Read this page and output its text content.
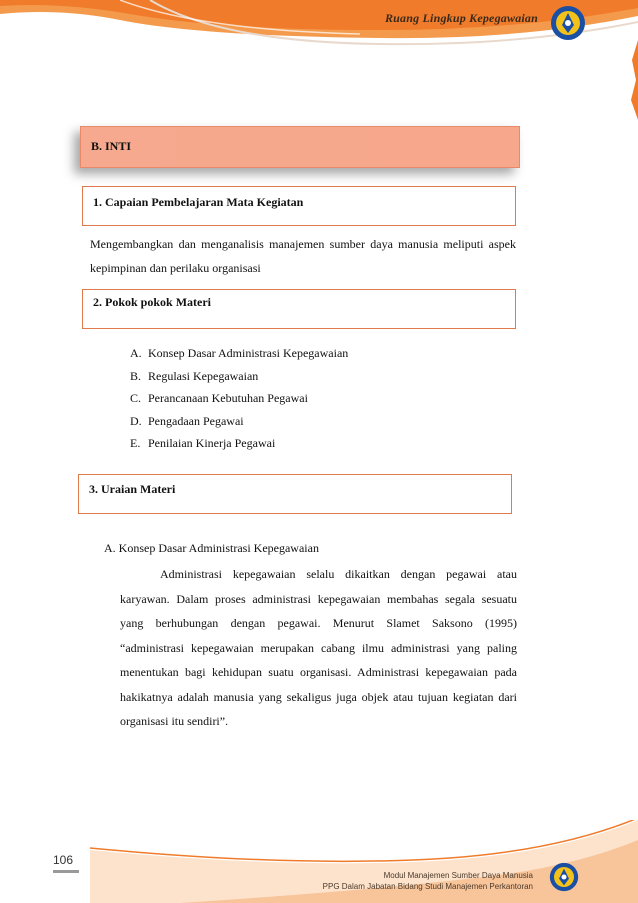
Ruang Lingkup Kepegawaian
B. INTI
1. Capaian Pembelajaran Mata Kegiatan

Mengembangkan dan menganalisis manajemen sumber daya manusia meliputi aspek kepimpinan dan perilaku organisasi

2. Pokok pokok Materi
A. Konsep Dasar Administrasi Kepegawaian
B. Regulasi Kepegawaian
C. Perancanaan Kebutuhan Pegawai
D. Pengadaan Pegawai
E. Penilaian Kinerja Pegawai
3. Uraian Materi
A. Konsep Dasar Administrasi Kepegawaian

Administrasi kepegawaian selalu dikaitkan dengan pegawai atau karyawan. Dalam proses administrasi kepegawaian membahas segala sesuatu yang berhubungan dengan pegawai. Menurut Slamet Saksono (1995) “administrasi kepegawaian merupakan cabang ilmu administrasi yang paling menentukan bagi kehidupan suatu organisasi. Administrasi kepegawaian pada hakikatnya adalah manusia yang sekaligus juga objek atau tujuan kegiatan dari organisasi itu sendiri”.

106
Modul Manajemen Sumber Daya Manusia
PPG Dalam Jabatan Bidang Studi Manajemen Perkantoran
